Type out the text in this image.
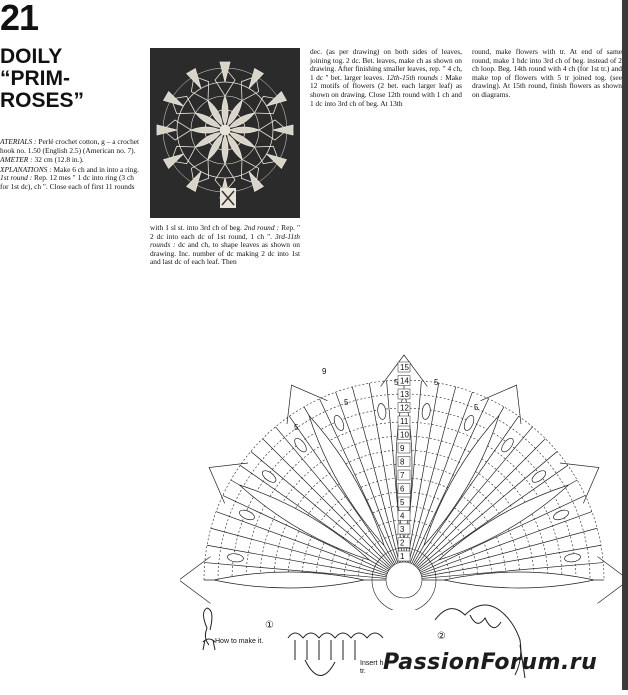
21
DOILY
“PRIM-
ROSES”

ATERIALS : Perlé crochet cotton, g – a crochet hook no. 1.50 (English 2.5) (American no. 7).

AMETER : 32 cm (12.8 in.).

XPLANATIONS : Make 6 ch and in into a ring. 1st round : Rep. 12 mes " 1 dc into ring (3 ch for 1st dc), ch ". Close each of first 11 rounds

with 1 sl st. into 3rd ch of beg. 2nd round : Rep. " 2 dc into each dc of 1st round, 1 ch ". 3rd-11th rounds : dc and ch, to shape leaves as shown on drawing. Inc. number of dc making 2 dc into 1st and last dc of each leaf. Then

dec. (as per drawing) on both sides of leaves, joining tog. 2 dc. Bet. leaves, make ch as shown on drawing. After finishing smaller leaves, rep. " 4 ch, 1 dc " bet. larger leaves. 12th-15th rounds : Make 12 motifs of flowers (2 bet. each larger leaf) as shown on drawing. Close 12th round with 1 ch and 1 dc into 3rd ch of beg. At 13th

round, make flowers with tr. At end of same round, make 1 hdc into 3rd ch of beg. instead of 2 ch loop. Beg. 14th round with 4 ch (for 1st tr.) and make top of flowers with 5 tr joined tog. (see drawing). At 15th round, finish flowers as shown on diagrams.

15
14
13
12
11
10
9
8
7
6
5
4
3
2
1
5
5
5	5
5
9
How to make it.
①
②
Insert h
tr. PassionForum.ru
